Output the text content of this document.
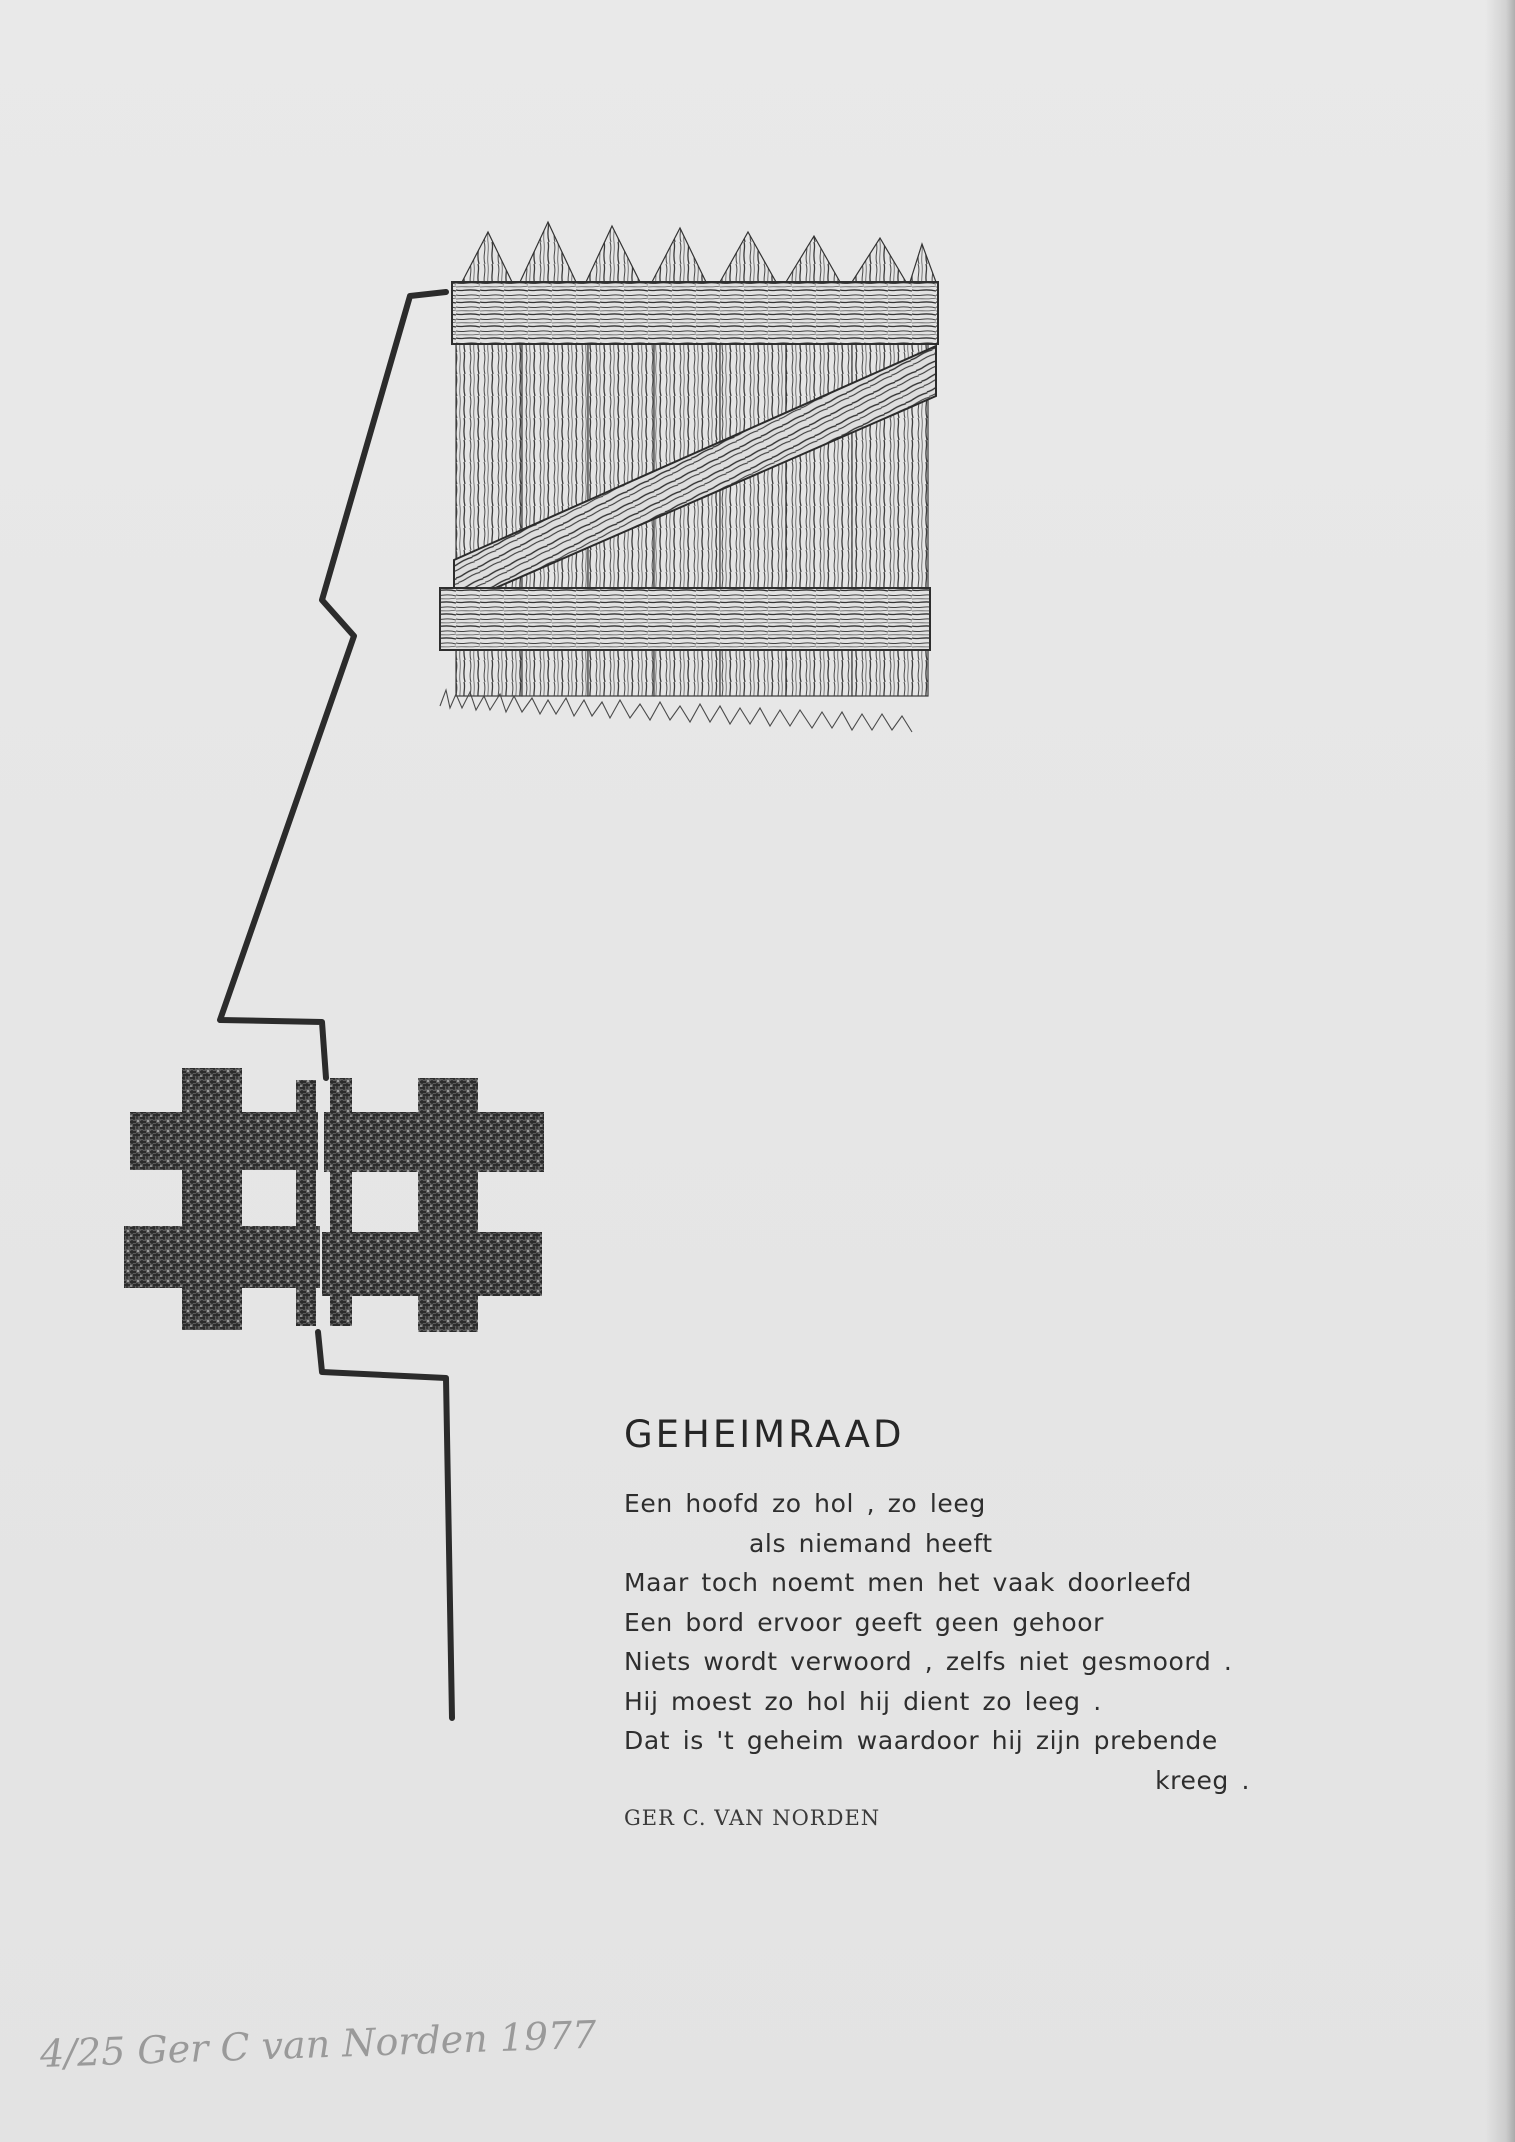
GEHEIMRAAD
Een hoofd zo hol , zo leeg
als niemand heeft
Maar toch noemt men het vaak doorleefd
Een bord ervoor geeft geen gehoor
Niets wordt verwoord , zelfs niet gesmoord .
Hij moest zo hol hij dient zo leeg .
Dat is 't geheim waardoor hij zijn prebende
kreeg .
GER C. VAN NORDEN
4/25 Ger C van Norden 1977
